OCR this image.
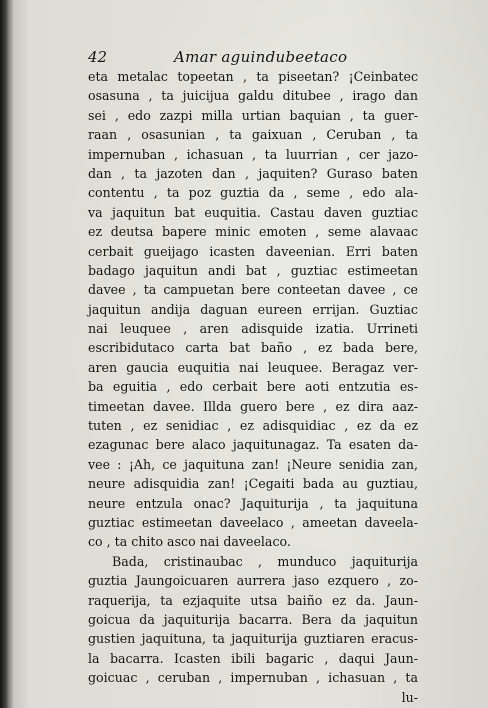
42	Amar aguindubeetaco
eta metalac topeetan , ta piseetan? ¡Ceinbatec
osasuna , ta juicijua galdu ditubee , irago dan
sei , edo zazpi milla urtian baquian , ta guer-
raan , osasunian , ta gaixuan , Ceruban , ta
impernuban , ichasuan , ta luurrian , cer jazo-
dan , ta jazoten dan , jaquiten? Guraso baten
contentu , ta poz guztia da , seme , edo ala-
va jaquitun bat euquitia. Castau daven guztiac
ez deutsa bapere minic emoten , seme alavaac
cerbait gueijago icasten daveenian. Erri baten
badago jaquitun andi bat , guztiac estimeetan
davee , ta campuetan bere conteetan davee , ce
jaquitun andija daguan eureen errijan. Guztiac
nai leuquee , aren adisquide izatia. Urrineti
escribidutaco carta bat baño , ez bada bere,
aren gaucia euquitia nai leuquee. Beragaz ver-
ba eguitia , edo cerbait bere aoti entzutia es-
timeetan davee. Illda guero bere , ez dira aaz-
tuten , ez senidiac , ez adisquidiac , ez da ez
ezagunac bere alaco jaquitunagaz. Ta esaten da-
vee : ¡Ah, ce jaquituna zan! ¡Neure senidia zan,
neure adisquidia zan! ¡Cegaiti bada au guztiau,
neure entzula onac? Jaquiturija , ta jaquituna
guztiac estimeetan daveelaco , ameetan daveela-
co , ta chito asco nai daveelaco.
Bada, cristinaubac , munduco jaquiturija
guztia Jaungoicuaren aurrera jaso ezquero , zo-
raquerija, ta ezjaquite utsa baiño ez da. Jaun-
goicua da jaquiturija bacarra. Bera da jaquitun
gustien jaquituna, ta jaquiturija guztiaren eracus-
la bacarra. Icasten ibili bagaric , daqui Jaun-
goicuac , ceruban , impernuban , ichasuan , ta
lu-
